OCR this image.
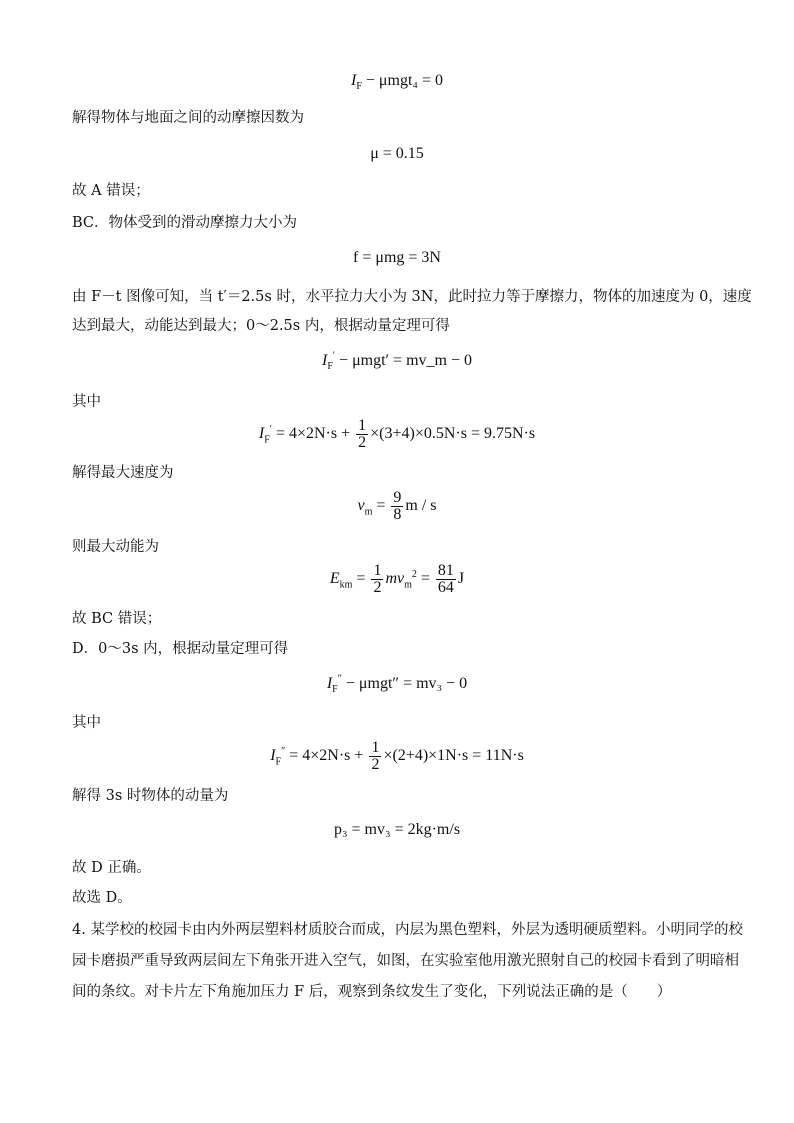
$I_F - \mu mgt_4 = 0$
解得物体与地面之间的动摩擦因数为
μ = 0.15
故 A 错误；
BC．物体受到的滑动摩擦力大小为
f = μmg = 3N
由 F－t 图像可知，当 t′＝2.5s 时，水平拉力大小为 3N，此时拉力等于摩擦力，物体的加速度为 0，速度
达到最大，动能达到最大；0～2.5s 内，根据动量定理可得
$I_F' - \mu mgt'$ = mv_m − 0
其中
$I_F' = 4\times 2N\cdot s + \frac{1}{2} \times(3+4)\times 0.5N\cdot s = 9.75N\cdot s$
解得最大速度为
$v_m = \frac{9}{8}$ m / s
则最大动能为
$E_{km} = \frac{1}{2} mv_m^2 = \frac{81}{64}$ J
故 BC 错误；
D．0～3s 内，根据动量定理可得
$I_F'' - \mu mgt'' = mv_3 - 0$
其中
$I_F'' = 4\times 2N\cdot s + \frac{1}{2} \times(2+4)\times 1N\cdot s = 11N\cdot s$
解得 3s 时物体的动量为
p₃ = mv₃ = 2kg·m/s
故 D 正确。
故选 D。
4. 某学校的校园卡由内外两层塑料材质胶合而成，内层为黑色塑料，外层为透明硬质塑料。小明同学的校
园卡磨损严重导致两层间左下角张开进入空气，如图，在实验室他用激光照射自己的校园卡看到了明暗相
间的条纹。对卡片左下角施加压力 F 后，观察到条纹发生了变化，下列说法正确的是（　　）
